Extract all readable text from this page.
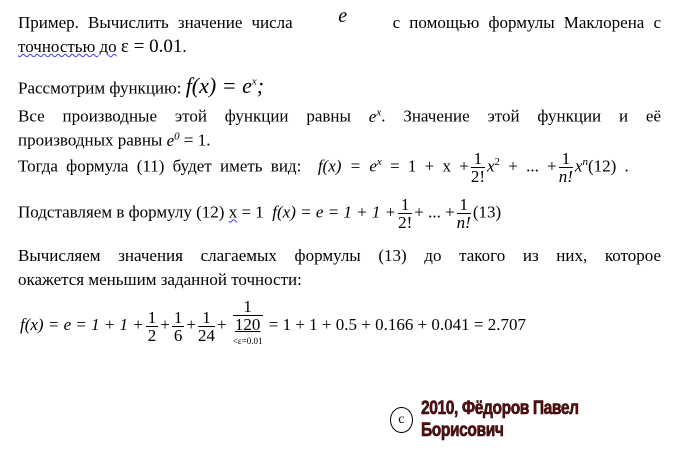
Пример. Вычислить значение числа e	с помощью формулы Маклорена с
точностью до ε = 0.01.
Рассмотрим функцию: $f(x) = e^x$;
Все производные этой функции равны $e^x$. Значение этой функции и её
производных равны $e^0 = 1$.
Тогда формула (11) будет иметь вид: $f(x) = e^x = 1 + x + \frac{1}{2!} x^2$ + ... + $\frac{1}{n!} x^n(12)$ .
Подставляем в формулу (12) x = 1 $f(x) = e = 1 + 1 + \frac{1}{2!}$ + ... + $\frac{1}{n!} (13)$
Вычисляем значения слагаемых формулы (13) до такого из них, которое
окажется меньшим заданной точности:
$f(x) = e = 1 + 1 + \frac{1}{2} + \frac{1}{6} + \frac{1}{24}$ +
1
120
<ε=0.01
= 1 + 1 + 0.5 + 0.166 + 0.041 = 2.707
c
2010, Фёдоров Павел Борисович
